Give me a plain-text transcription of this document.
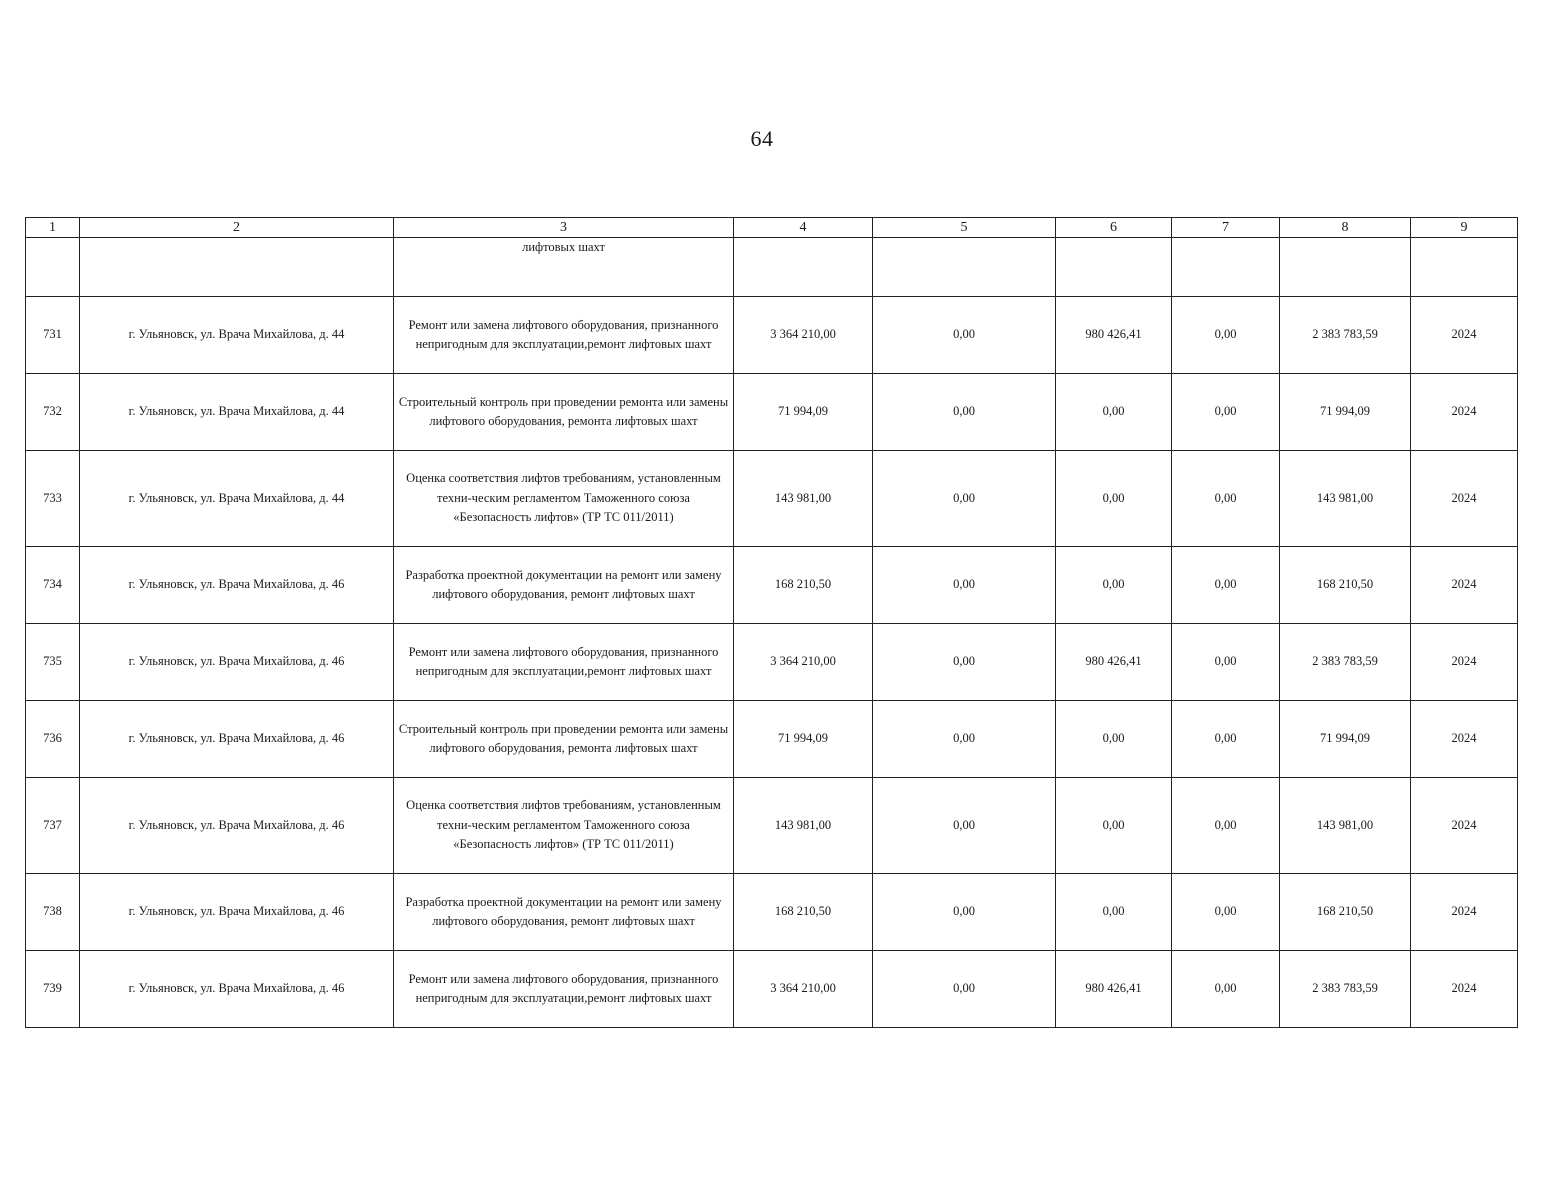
64
1	2	3	4	5	6	7	8	9
		лифтовых шахт						
731	г. Ульяновск, ул. Врача Михайлова, д. 44	Ремонт или замена лифтового оборудования, признанного непригодным для эксплуатации,ремонт лифтовых шахт	3 364 210,00	0,00	980 426,41	0,00	2 383 783,59	2024
732	г. Ульяновск, ул. Врача Михайлова, д. 44	Строительный контроль при проведении ремонта или замены лифтового оборудования, ремонта лифтовых шахт	71 994,09	0,00	0,00	0,00	71 994,09	2024
733	г. Ульяновск, ул. Врача Михайлова, д. 44	Оценка соответствия лифтов требованиям, установленным техни-ческим регламентом Таможенного союза «Безопасность лифтов» (ТР ТС 011/2011)	143 981,00	0,00	0,00	0,00	143 981,00	2024
734	г. Ульяновск, ул. Врача Михайлова, д. 46	Разработка проектной документации на ремонт или замену лифтового оборудования, ремонт лифтовых шахт	168 210,50	0,00	0,00	0,00	168 210,50	2024
735	г. Ульяновск, ул. Врача Михайлова, д. 46	Ремонт или замена лифтового оборудования, признанного непригодным для эксплуатации,ремонт лифтовых шахт	3 364 210,00	0,00	980 426,41	0,00	2 383 783,59	2024
736	г. Ульяновск, ул. Врача Михайлова, д. 46	Строительный контроль при проведении ремонта или замены лифтового оборудования, ремонта лифтовых шахт	71 994,09	0,00	0,00	0,00	71 994,09	2024
737	г. Ульяновск, ул. Врача Михайлова, д. 46	Оценка соответствия лифтов требованиям, установленным техни-ческим регламентом Таможенного союза «Безопасность лифтов» (ТР ТС 011/2011)	143 981,00	0,00	0,00	0,00	143 981,00	2024
738	г. Ульяновск, ул. Врача Михайлова, д. 46	Разработка проектной документации на ремонт или замену лифтового оборудования, ремонт лифтовых шахт	168 210,50	0,00	0,00	0,00	168 210,50	2024
739	г. Ульяновск, ул. Врача Михайлова, д. 46	Ремонт или замена лифтового оборудования, признанного непригодным для эксплуатации,ремонт лифтовых шахт	3 364 210,00	0,00	980 426,41	0,00	2 383 783,59	2024
